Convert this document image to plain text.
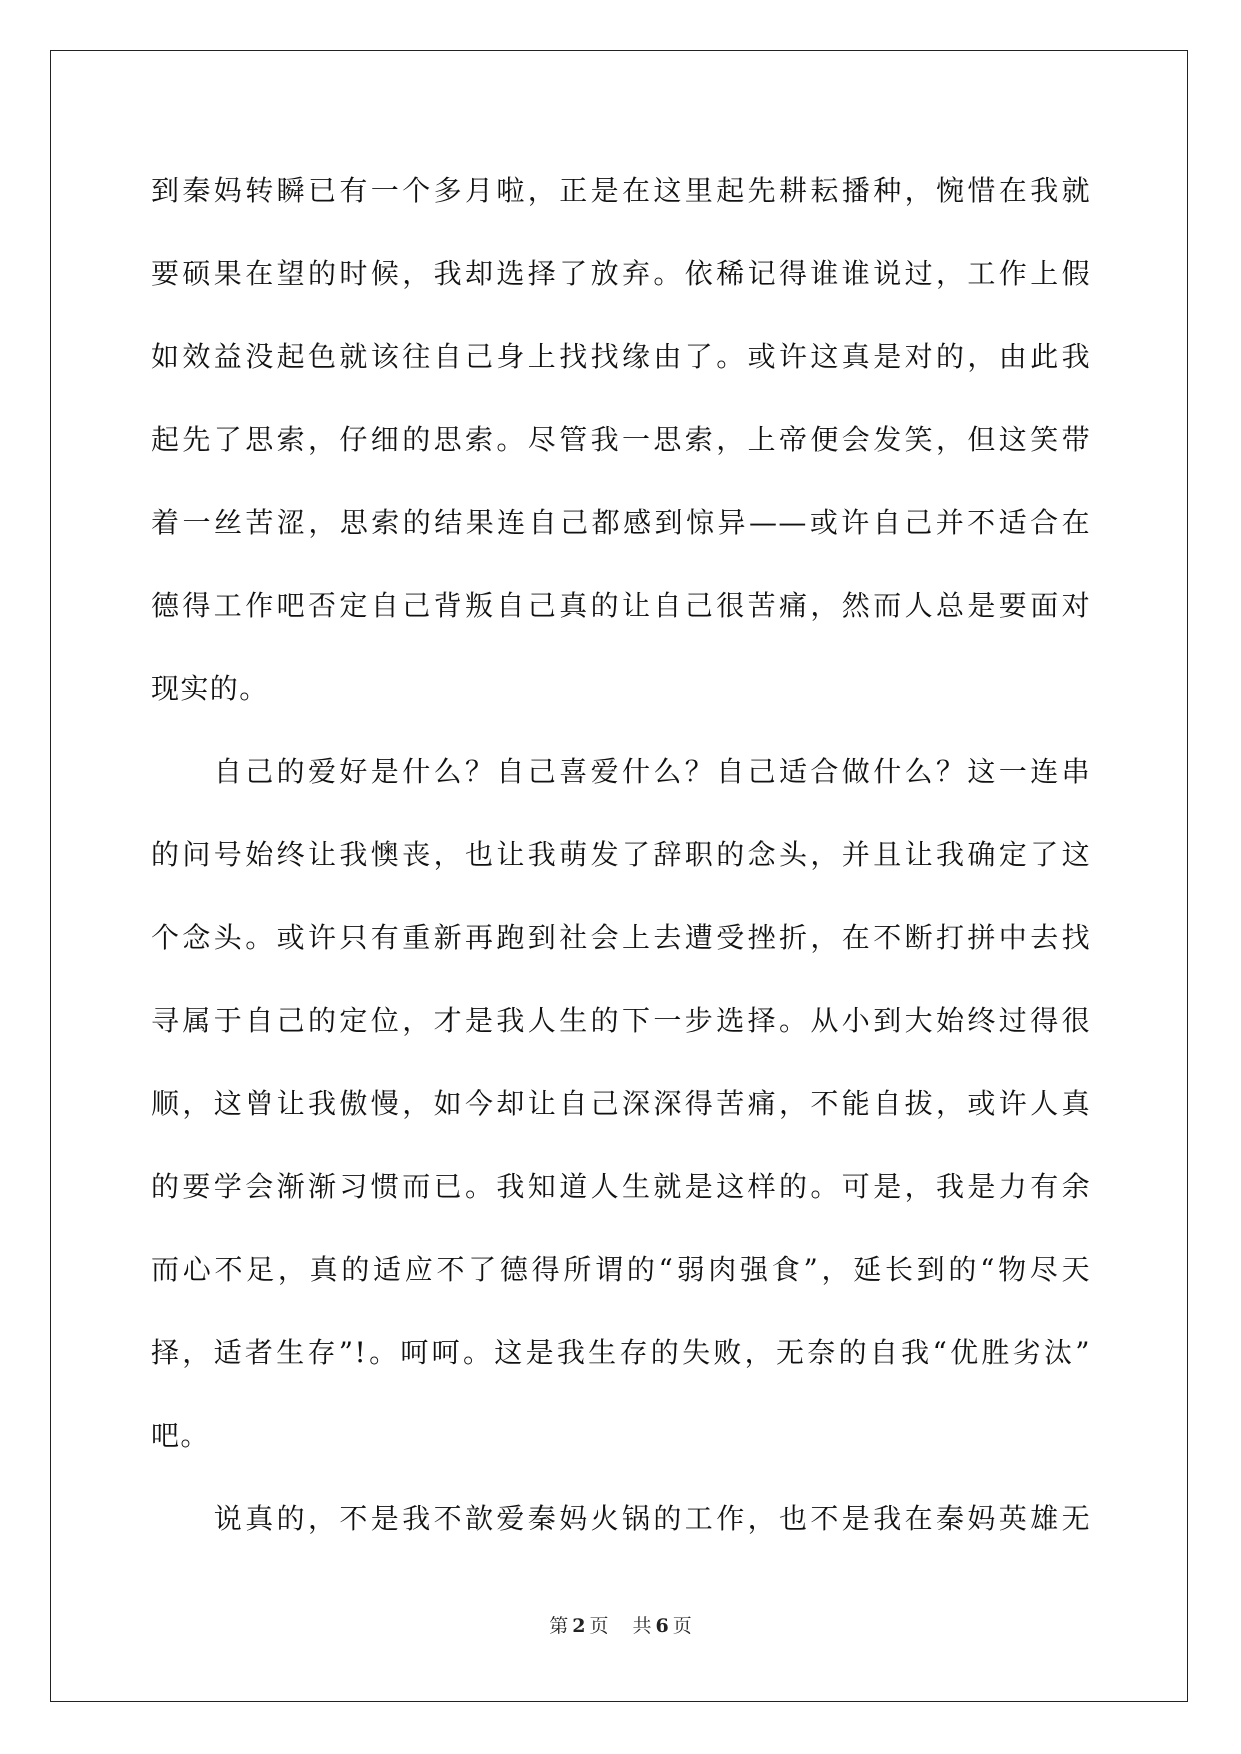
到秦妈转瞬已有一个多月啦，正是在这里起先耕耘播种，惋惜在我就
要硕果在望的时候，我却选择了放弃。依稀记得谁谁说过，工作上假
如效益没起色就该往自己身上找找缘由了。或许这真是对的，由此我
起先了思索，仔细的思索。尽管我一思索，上帝便会发笑，但这笑带
着一丝苦涩，思索的结果连自己都感到惊异——或许自己并不适合在
德得工作吧否定自己背叛自己真的让自己很苦痛，然而人总是要面对
现实的。
　　自己的爱好是什么？自己喜爱什么？自己适合做什么？这一连串
的问号始终让我懊丧，也让我萌发了辞职的念头，并且让我确定了这
个念头。或许只有重新再跑到社会上去遭受挫折，在不断打拼中去找
寻属于自己的定位，才是我人生的下一步选择。从小到大始终过得很
顺，这曾让我傲慢，如今却让自己深深得苦痛，不能自拔，或许人真
的要学会渐渐习惯而已。我知道人生就是这样的。可是，我是力有余
而心不足，真的适应不了德得所谓的“弱肉强食”，延长到的“物尽天
择，适者生存”!。呵呵。这是我生存的失败，无奈的自我“优胜劣汰”
吧。
　　说真的，不是我不歆爱秦妈火锅的工作，也不是我在秦妈英雄无
第 2 页 共 6 页
